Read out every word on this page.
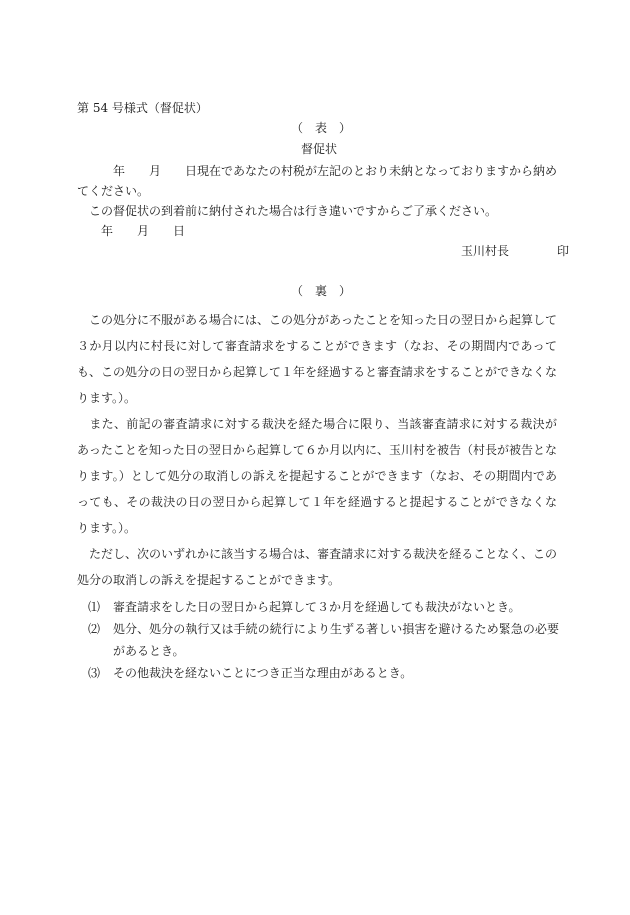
第 54 号様式（督促状）
（　表　）
督促状
　　　年　　月　　日現在であなたの村税が左記のとおり未納となっておりますから納めてください。
　この督促状の到着前に納付された場合は行き違いですからご了承ください。
　　年　　月　　日
玉川村長　　　　印
（　裏　）
　この処分に不服がある場合には、この処分があったことを知った日の翌日から起算して３か月以内に村長に対して審査請求をすることができます（なお、その期間内であっても、この処分の日の翌日から起算して１年を経過すると審査請求をすることができなくなります。）。
　また、前記の審査請求に対する裁決を経た場合に限り、当該審査請求に対する裁決があったことを知った日の翌日から起算して６か月以内に、玉川村を被告（村長が被告となります。）として処分の取消しの訴えを提起することができます（なお、その期間内であっても、その裁決の日の翌日から起算して１年を経過すると提起することができなくなります。）。
　ただし、次のいずれかに該当する場合は、審査請求に対する裁決を経ることなく、この処分の取消しの訴えを提起することができます。
⑴ 審査請求をした日の翌日から起算して３か月を経過しても裁決がないとき。
⑵ 処分、処分の執行又は手続の続行により生ずる著しい損害を避けるため緊急の必要があるとき。
⑶ その他裁決を経ないことにつき正当な理由があるとき。
